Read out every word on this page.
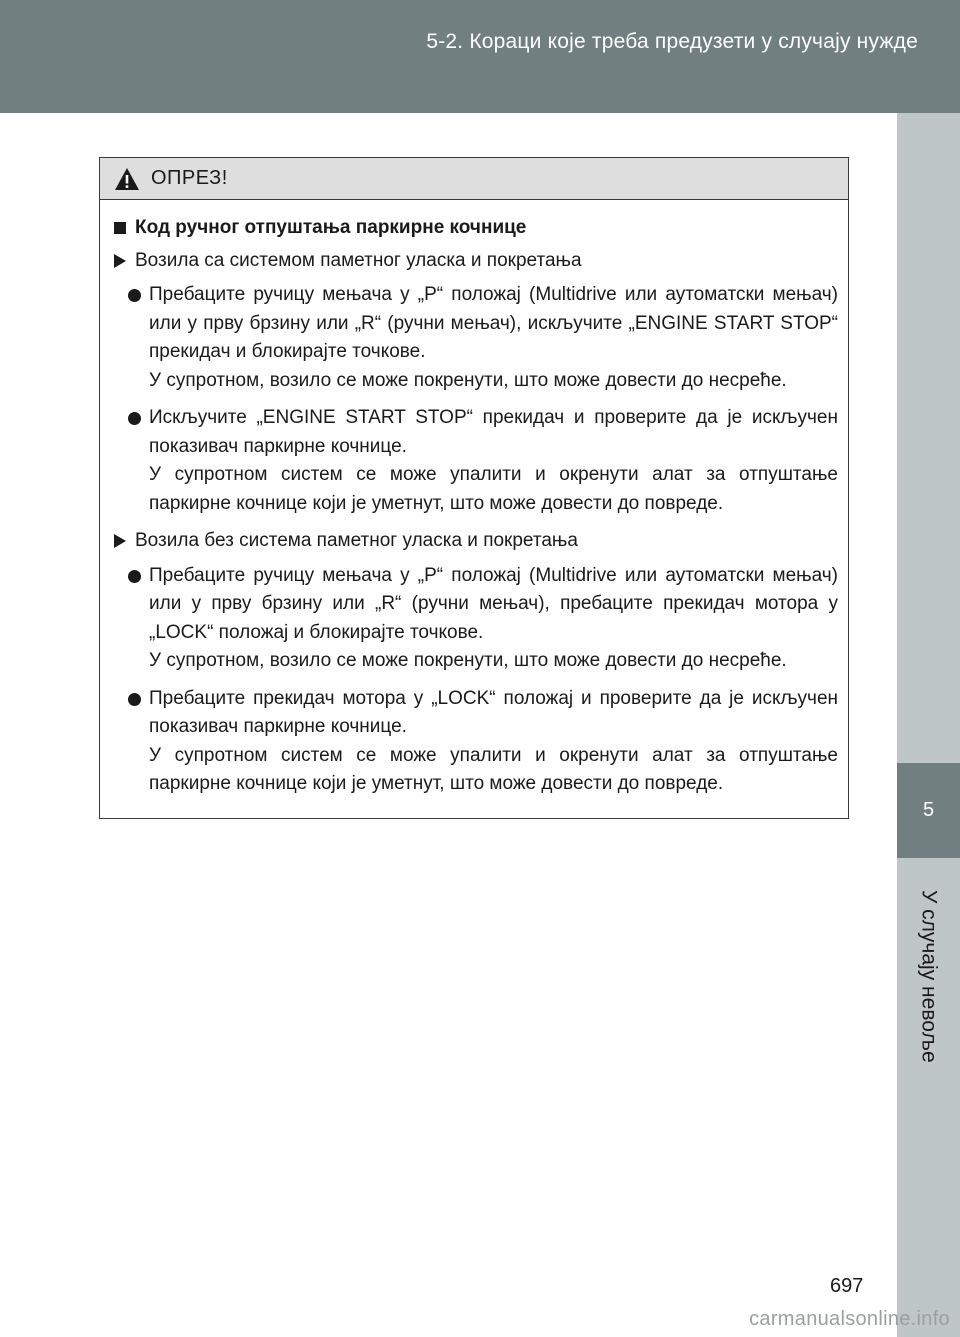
5-2. Кораци које треба предузети у случају нужде
5
У случају невоље
ОПРЕЗ!
Код ручног отпуштања паркирне кочнице
Возила са системом паметног уласка и покретања

Пребаците ручицу мењача у „P“ положај (Multidrive или аутоматски мењач) или у прву брзину или „R“ (ручни мењач), искључите „ENGINE START STOP“ прекидач и блокирајте точкове.

У супротном, возило се може покренути, што може довести до несреће.

Искључите „ENGINE START STOP“ прекидач и проверите да је искључен показивач паркирне кочнице.

У супротном систем се може упалити и окренути алат за отпуштање паркирне кочнице који је уметнут, што може довести до повреде.

Возила без система паметног уласка и покретања

Пребаците ручицу мењача у „P“ положај (Multidrive или аутоматски мењач) или у прву брзину или „R“ (ручни мењач), пребаците прекидач мотора у „LOCK“ положај и блокирајте точкове.

У супротном, возило се може покренути, што може довести до несреће.

Пребаците прекидач мотора у „LOCK“ положај и проверите да је искључен показивач паркирне кочнице.

У супротном систем се може упалити и окренути алат за отпуштање паркирне кочнице који је уметнут, што може довести до повреде.

697
carmanualsonline.info
